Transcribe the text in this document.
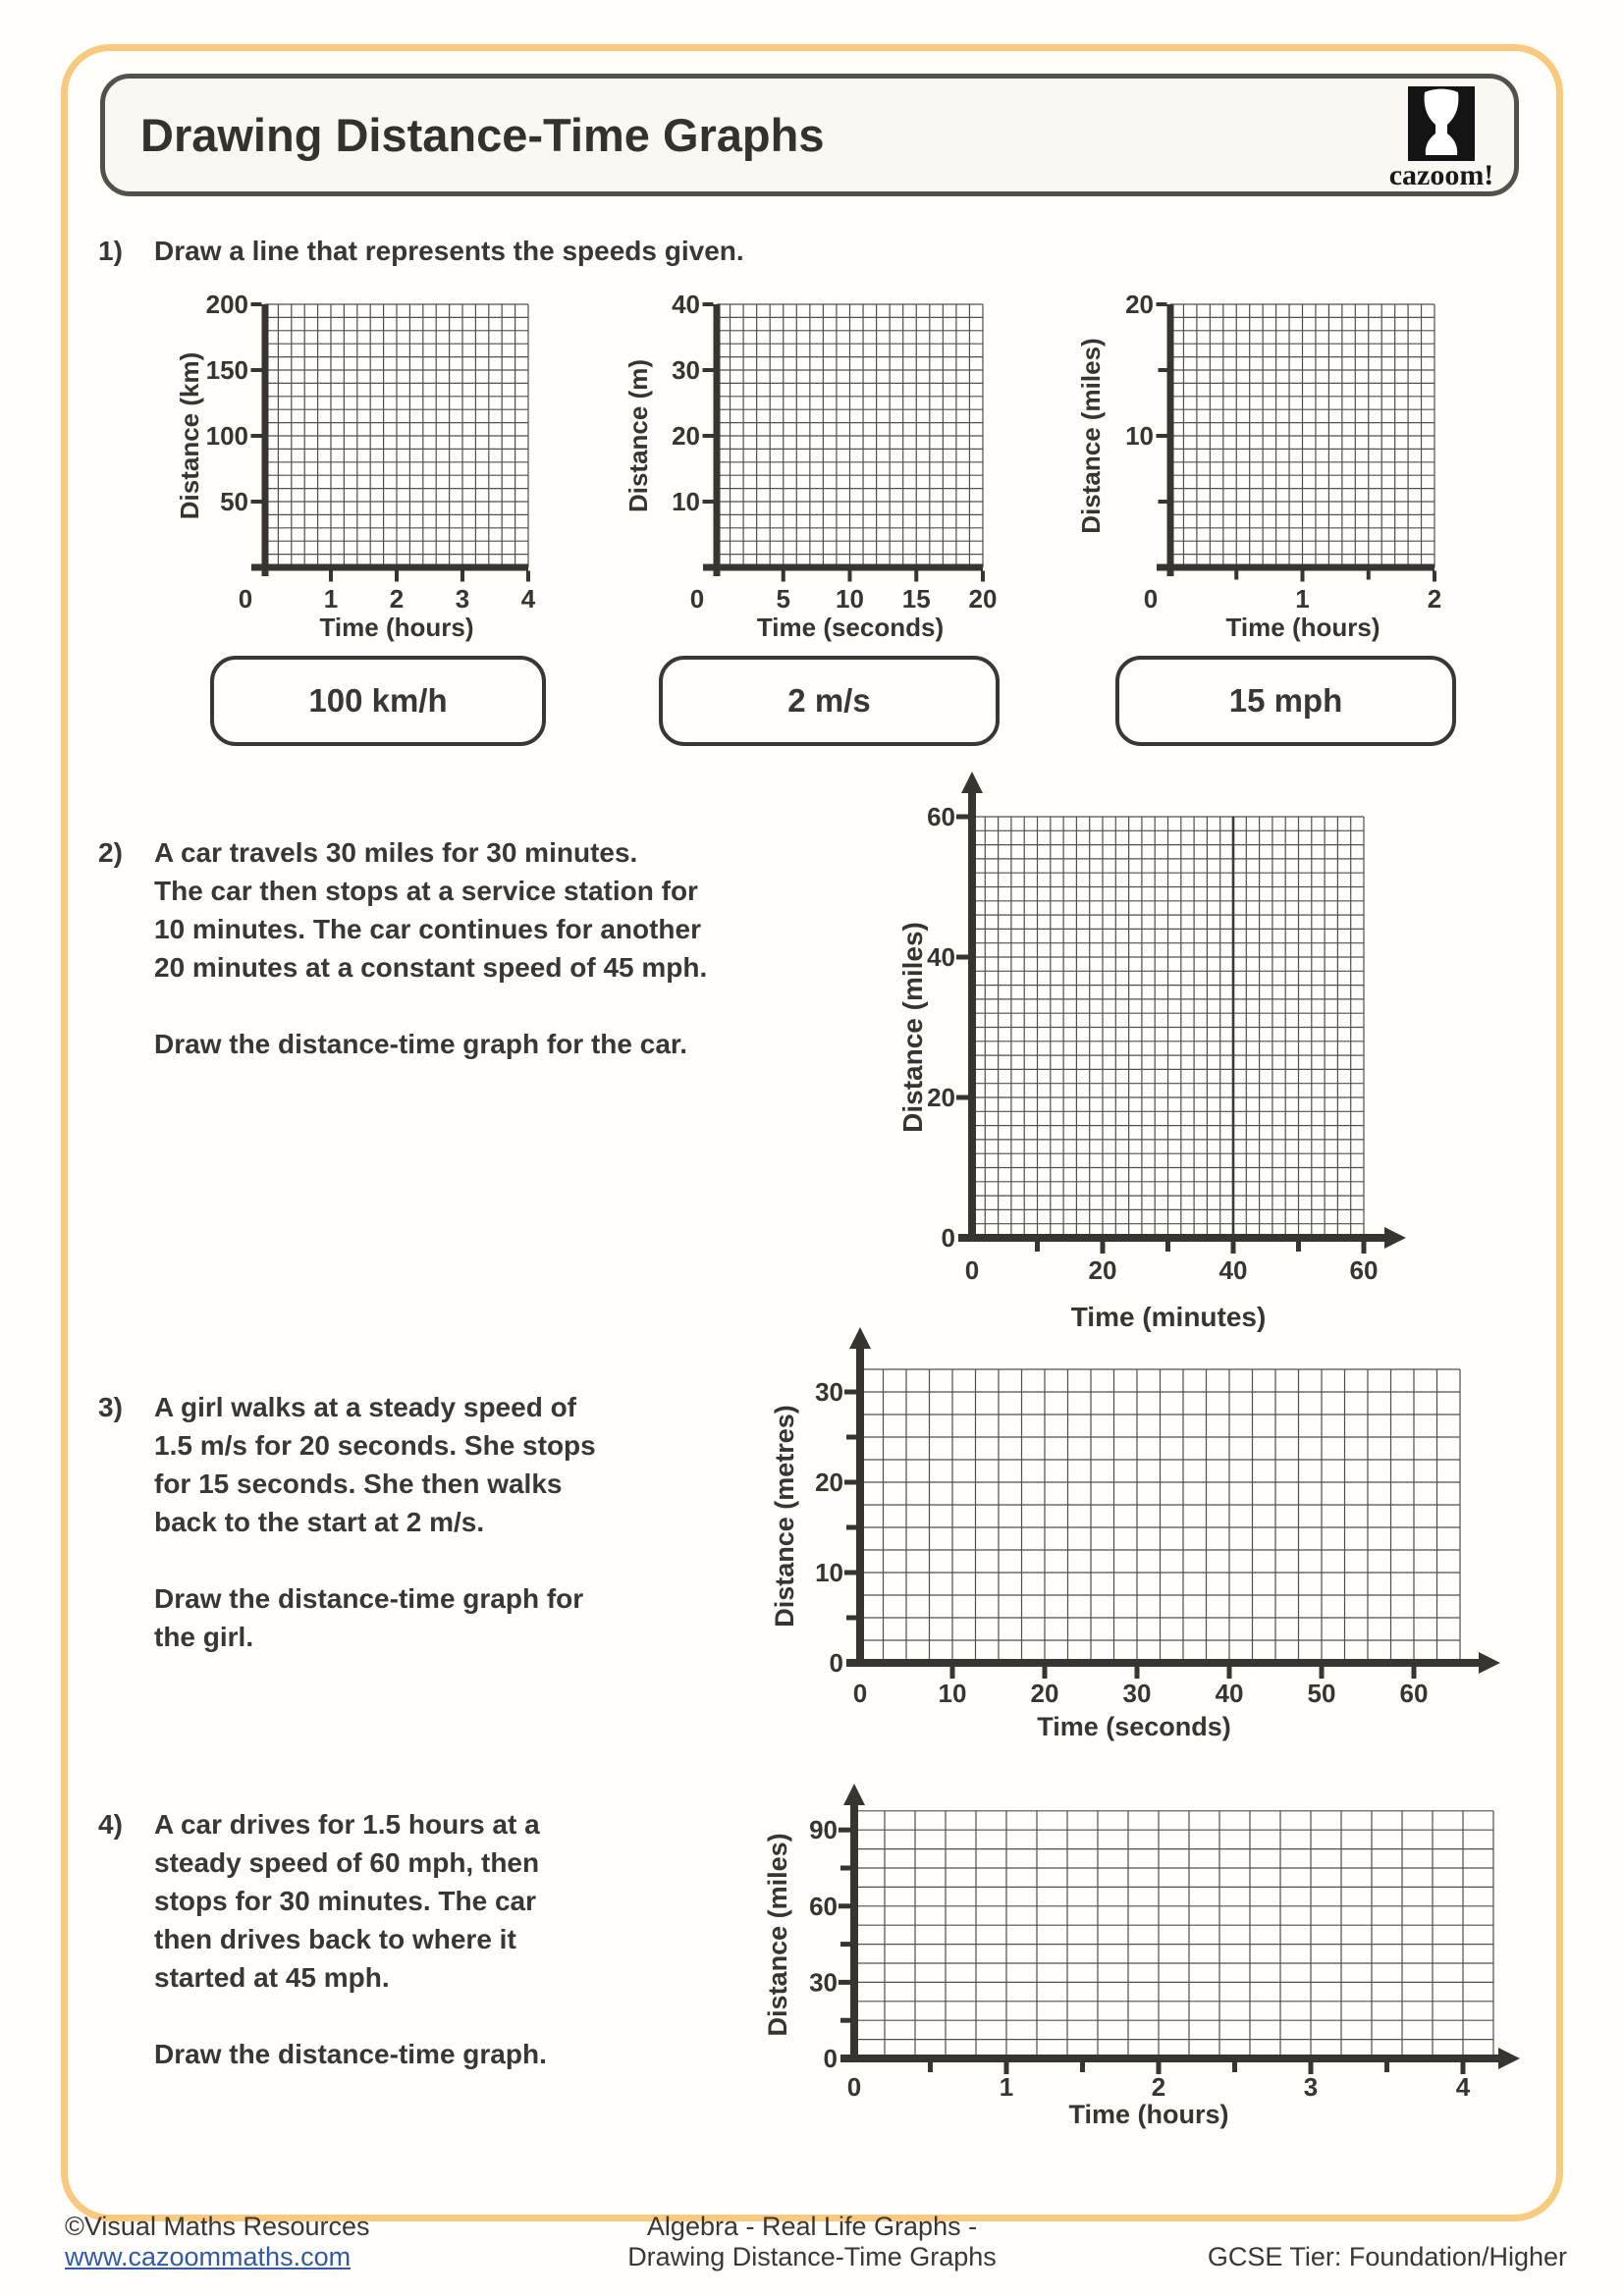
Drawing Distance-Time Graphs
cazoom!
1) Draw a line that represents the speeds given.
100 km/h	2 m/s	15 mph
2) A car travels 30 miles for 30 minutes.
The car then stops at a service station for
10 minutes. The car continues for another
20 minutes at a constant speed of 45 mph.
Draw the distance-time graph for the car.
3) A girl walks at a steady speed of
1.5 m/s for 20 seconds. She stops
for 15 seconds. She then walks
back to the start at 2 m/s.
Draw the distance-time graph for
the girl.
4) A car drives for 1.5 hours at a
steady speed of 60 mph, then
stops for 30 minutes. The car
then drives back to where it
started at 45 mph.
Draw the distance-time graph.
0	1 2 3 4
200
150
100
50
Time (hours)
Distance (km)
0	5 10 15 20
40
30
20
10
Time (seconds)
Distance (m)
0	1	2
20
10
Time (hours)
Distance (miles)
0	20	40	60
60
40
20
0
Time (minutes)
Distance (miles)
0	10	20	30	40	50	60
30
20
10
0
Time (seconds)
Distance (metres)
0	1	2	3	4
90
60
30
0
Time (hours)
Distance (miles)
©Visual Maths Resources
www.cazoommaths.com
Algebra - Real Life Graphs -
Drawing Distance-Time Graphs	GCSE Tier: Foundation/Higher
